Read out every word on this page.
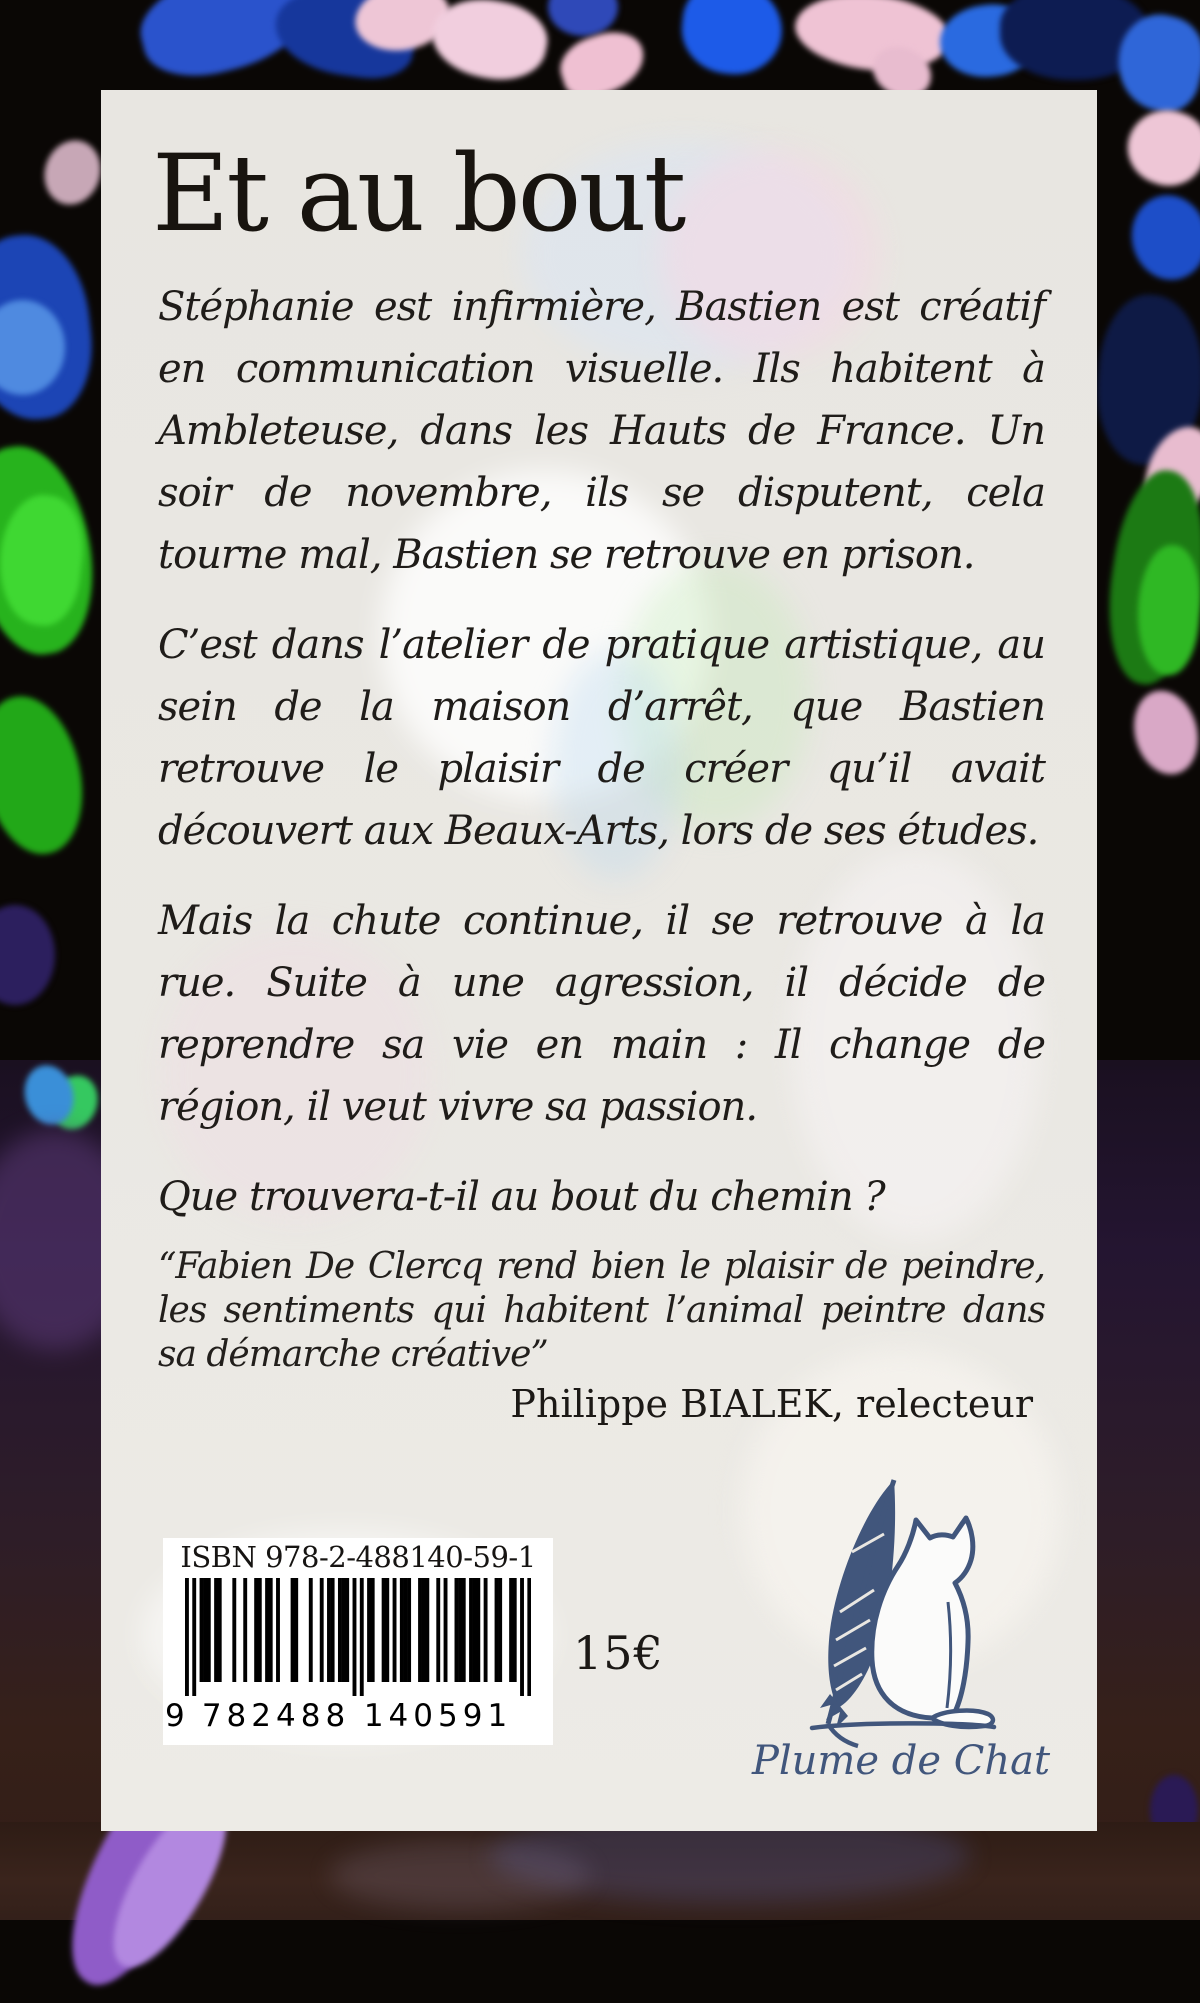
Et au bout

Stéphanie est infirmière, Bastien est créatif en communication visuelle. Ils habitent à Ambleteuse, dans les Hauts de France. Un soir de novembre, ils se disputent, cela tourne mal, Bastien se retrouve en prison.

C’est dans l’atelier de pratique artistique, au sein de la maison d’arrêt, que Bastien retrouve le plaisir de créer qu’il avait découvert aux Beaux-Arts, lors de ses études.

Mais la chute continue, il se retrouve à la rue. Suite à une agression, il décide de reprendre sa vie en main : Il change de région, il veut vivre sa passion.

Que trouvera-t-il au bout du chemin ?

“Fabien De Clercq rend bien le plaisir de peindre, les sentiments qui habitent l’animal peintre dans sa démarche créative”

Philippe BIALEK, relecteur
ISBN 978-2-488140-59-1
9 782488 140591
15€
Plume de Chat
